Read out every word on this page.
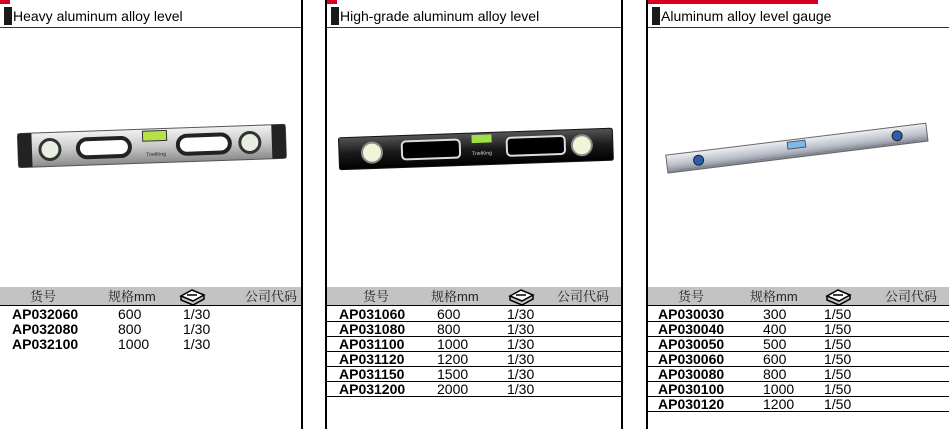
Heavy aluminum alloy level
TnelKing
货号	规格mm	公司代码
AP032060	600	1/30
AP032080	800	1/30
AP032100	1000 1/30
High-grade aluminum alloy level
TnelKing
货号	规格mm	公司代码
AP031060 600	1/30
AP031080 800	1/30
AP031100 1000	1/30
AP031120 1200	1/30
AP031150 1500	1/30
AP031200 2000	1/30
Aluminum alloy level gauge
货号	规格mm	公司代码
AP030030	300	1/50
AP030040	400	1/50
AP030050	500	1/50
AP030060	600	1/50
AP030080	800	1/50
AP030100	1000 1/50
AP030120	1200 1/50
